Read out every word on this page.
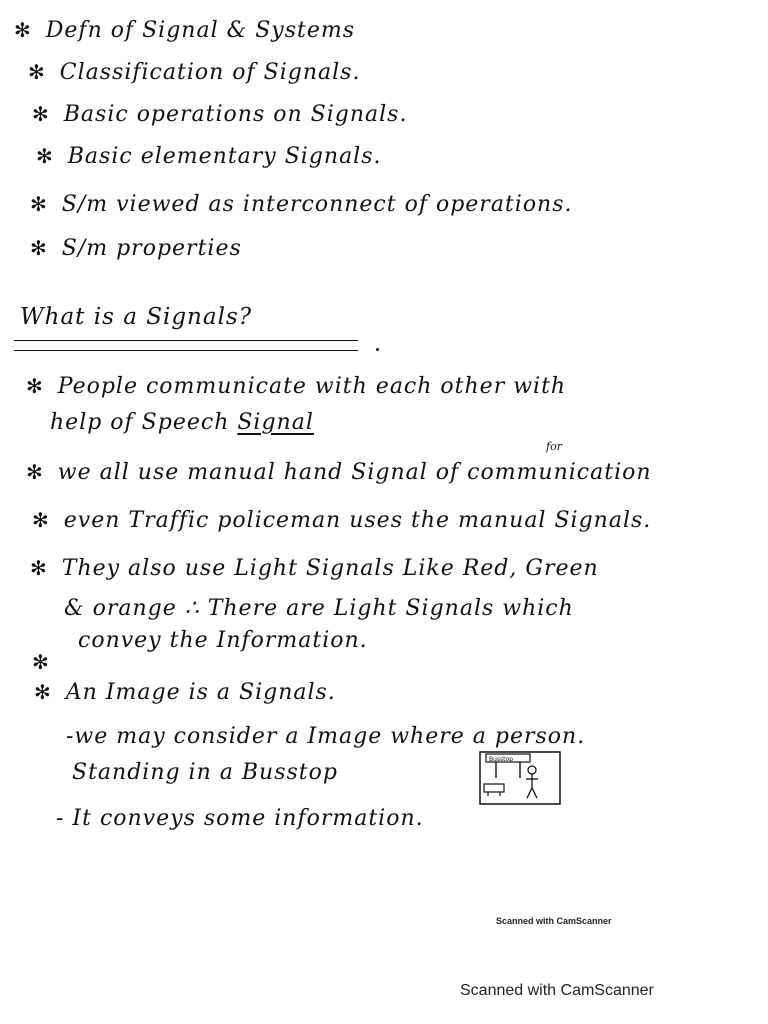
✻ Defn of Signal & Systems
✻ Classification of Signals.
✻ Basic operations on Signals.
✻ Basic elementary Signals.
✻ S/m viewed as interconnect of operations.
✻ S/m properties
What is a Signals?
✻ People communicate with each other with
help of Speech Signal
for
✻ we all use manual hand Signal of communication
✻ even Traffic policeman uses the manual Signals.
✻ They also use Light Signals Like Red, Green
& orange ∴ There are Light Signals which
convey the Information.
✻
✻ An Image is a Signals.
-we may consider a Image where a person.
Standing in a Busstop
Busstop
- It conveys some information.
Scanned with CamScanner
Scanned with CamScanner
